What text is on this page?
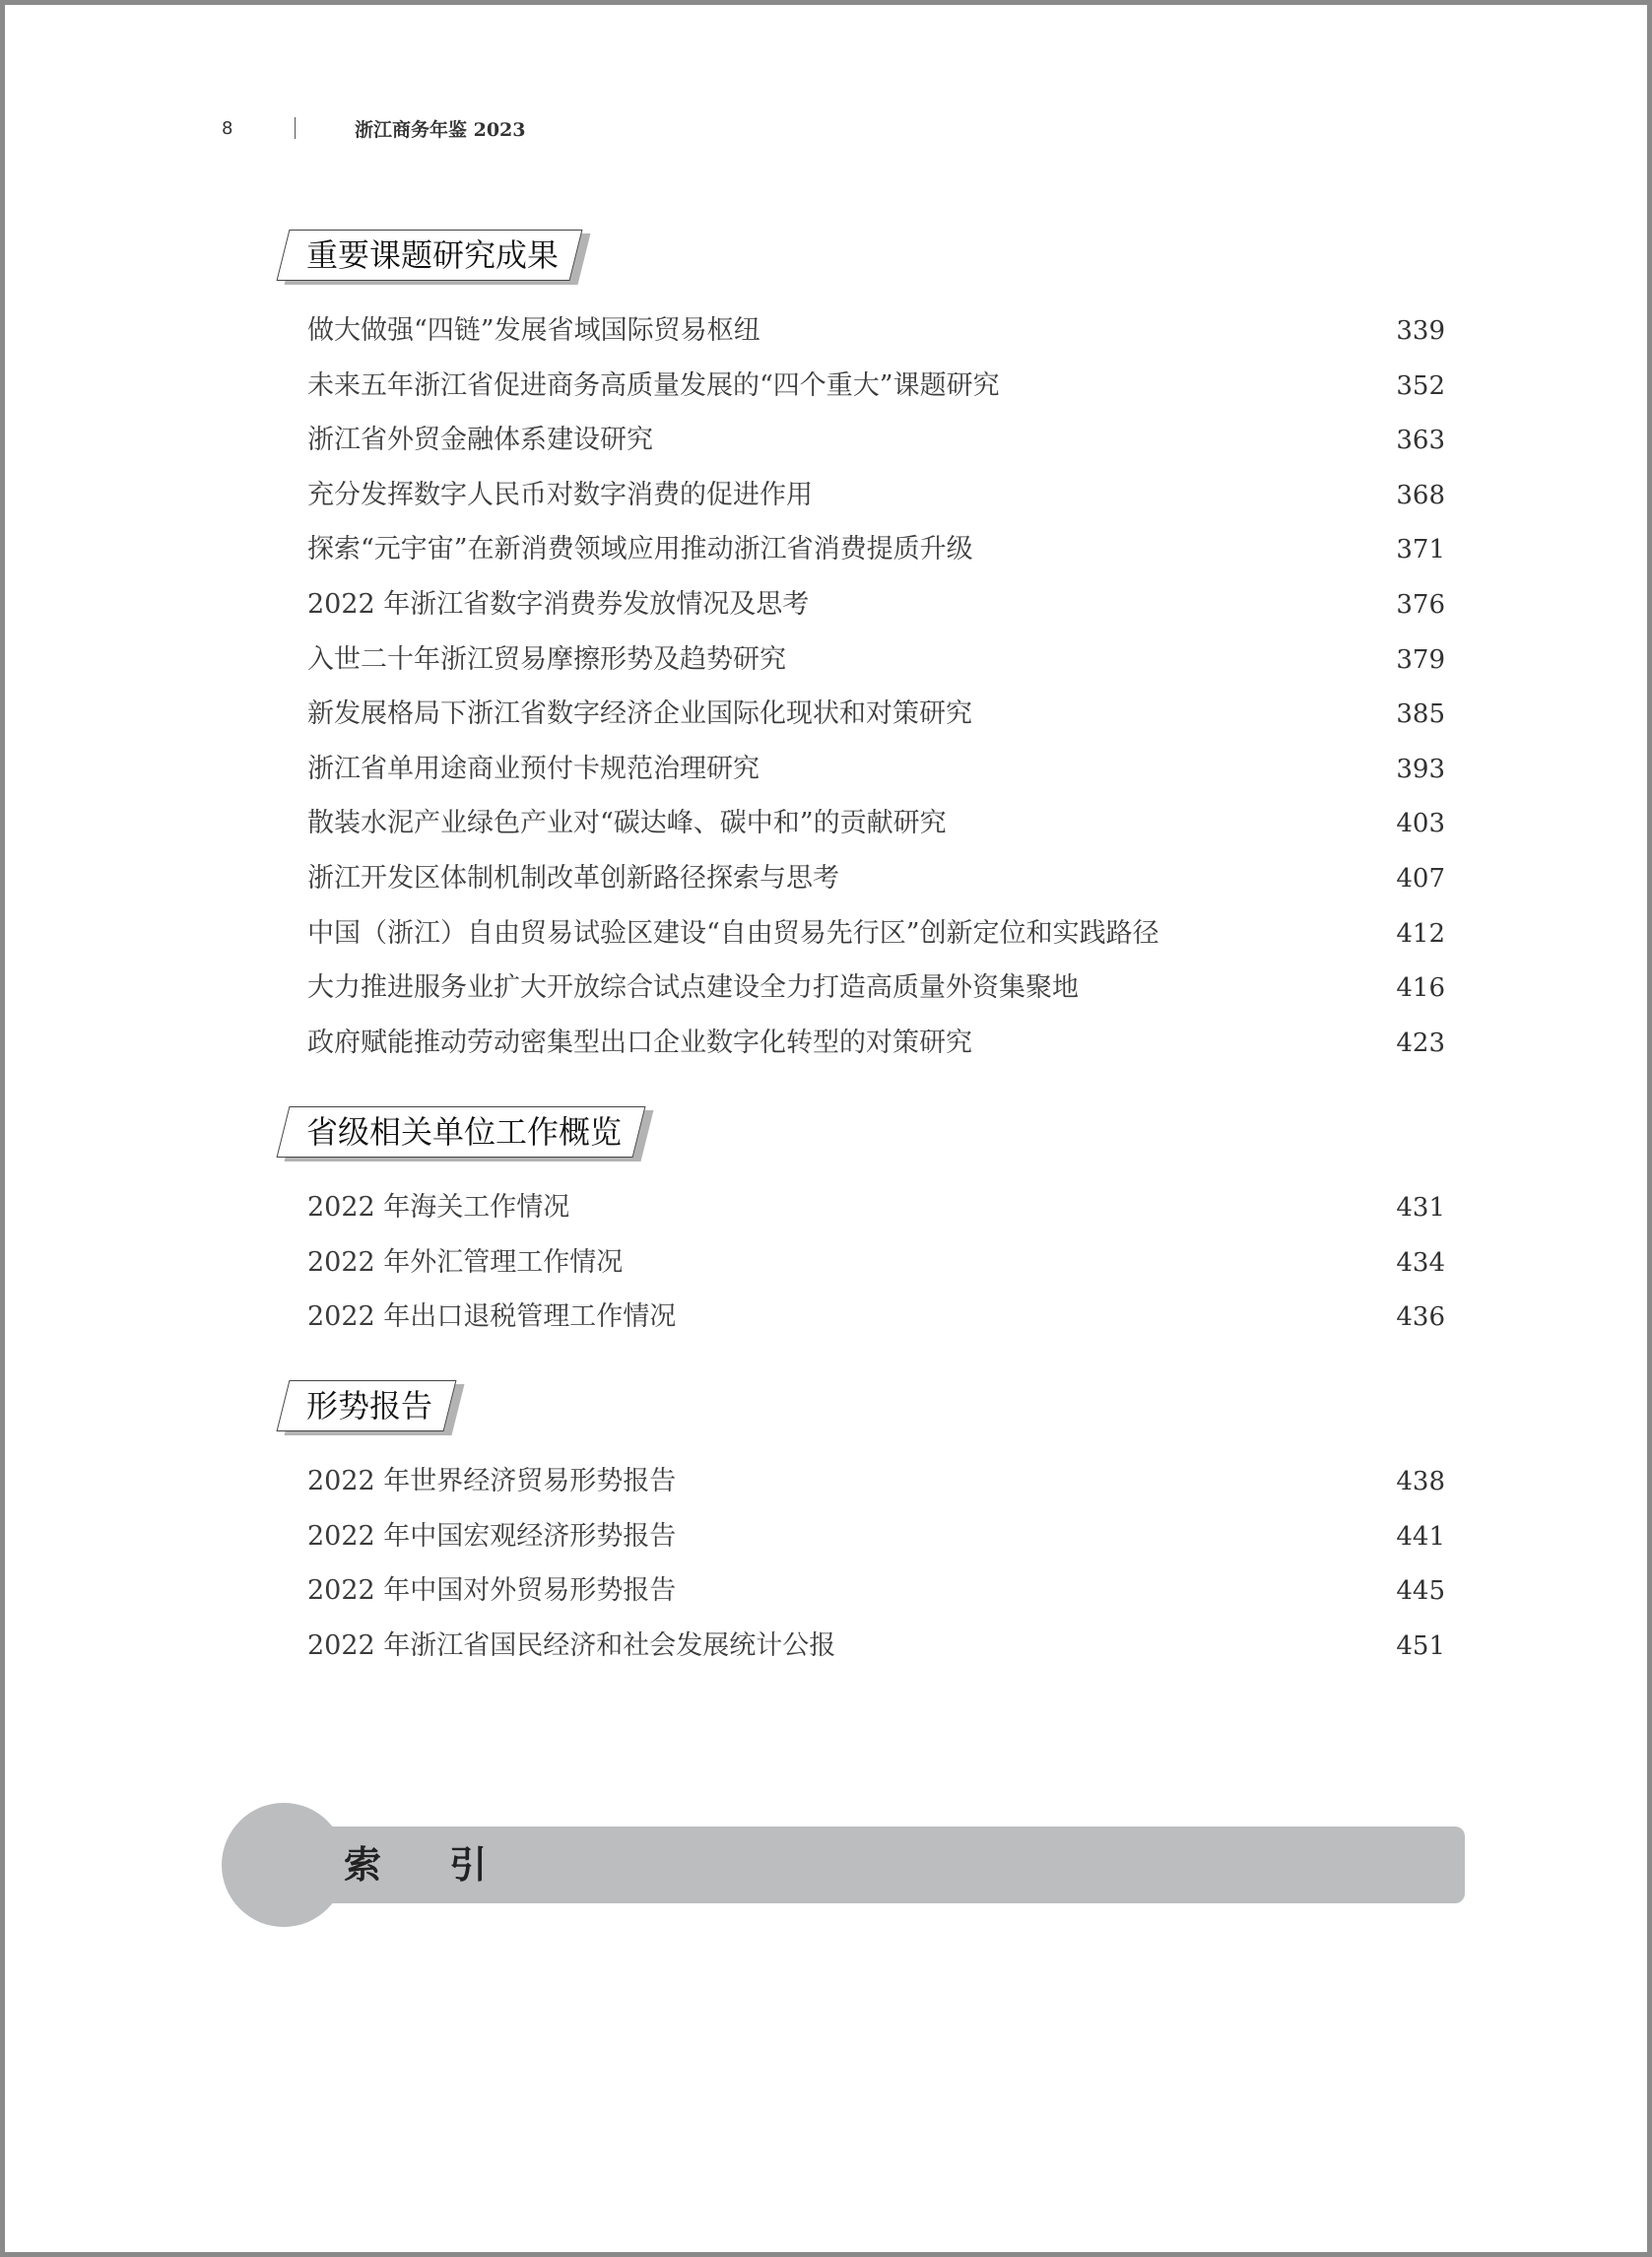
8	浙江商务年鉴 2023
重要课题研究成果
做大做强“四链”发展省域国际贸易枢纽	339
未来五年浙江省促进商务高质量发展的“四个重大”课题研究	352
浙江省外贸金融体系建设研究	363
充分发挥数字人民币对数字消费的促进作用	368
探索“元宇宙”在新消费领域应用推动浙江省消费提质升级	371
2022 年浙江省数字消费券发放情况及思考	376
入世二十年浙江贸易摩擦形势及趋势研究	379
新发展格局下浙江省数字经济企业国际化现状和对策研究	385
浙江省单用途商业预付卡规范治理研究	393
散装水泥产业绿色产业对“碳达峰、碳中和”的贡献研究	403
浙江开发区体制机制改革创新路径探索与思考	407
中国（浙江）自由贸易试验区建设“自由贸易先行区”创新定位和实践路径	412
大力推进服务业扩大开放综合试点建设全力打造高质量外资集聚地	416
政府赋能推动劳动密集型出口企业数字化转型的对策研究	423
省级相关单位工作概览
2022 年海关工作情况	431
2022 年外汇管理工作情况	434
2022 年出口退税管理工作情况	436
形势报告
2022 年世界经济贸易形势报告	438
2022 年中国宏观经济形势报告	441
2022 年中国对外贸易形势报告	445
2022 年浙江省国民经济和社会发展统计公报	451
索 引
